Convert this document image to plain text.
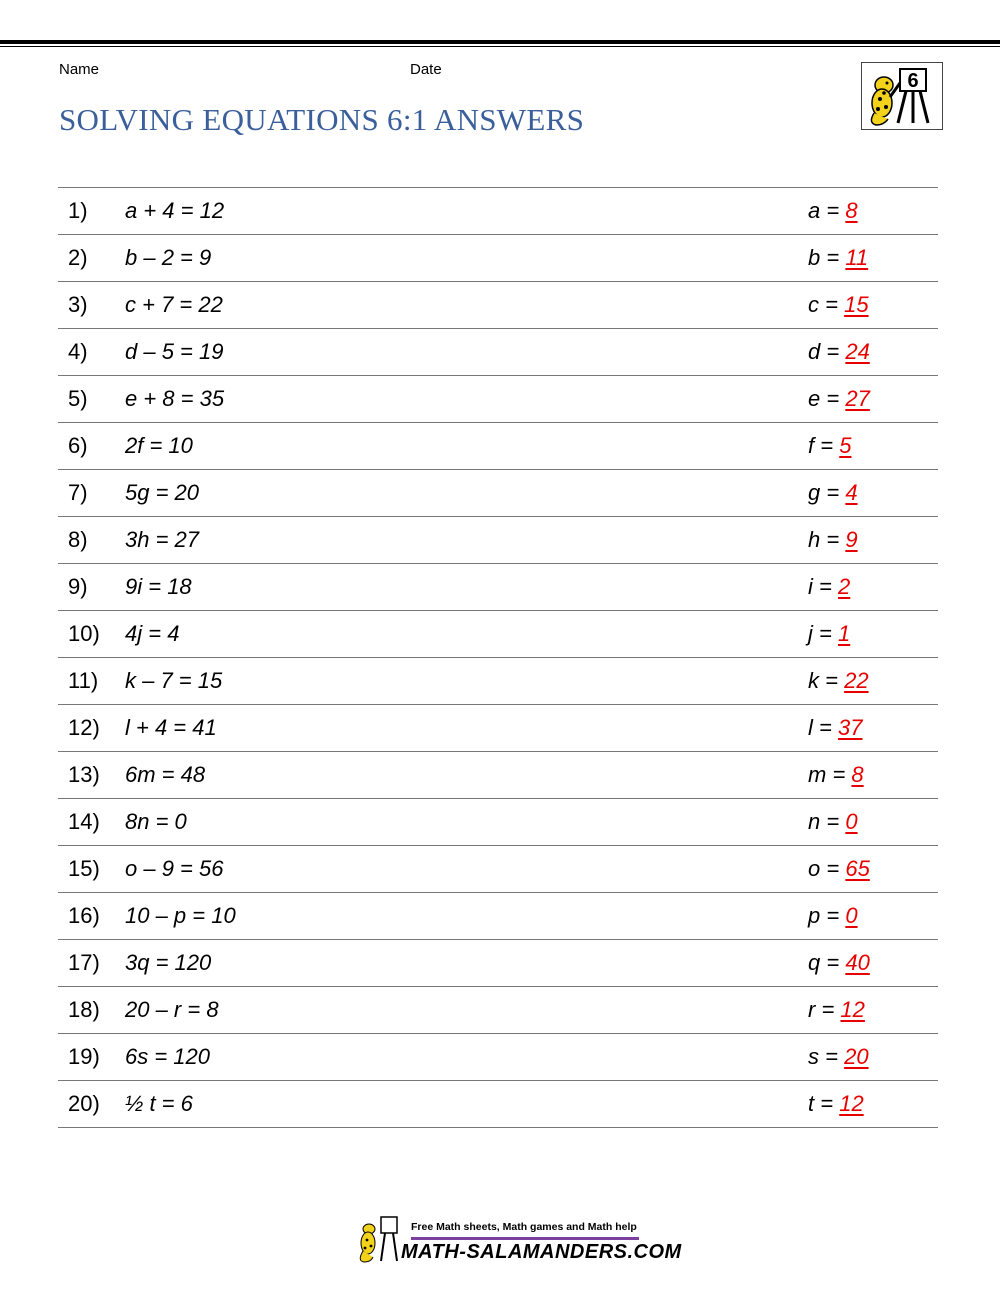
Name	Date
SOLVING EQUATIONS 6:1 ANSWERS
6
1) a + 4 = 12	a = 8
2) b – 2 = 9	b = 11
3) c + 7 = 22	c = 15
4) d – 5 = 19	d = 24
5) e + 8 = 35	e = 27
6) 2f = 10	f = 5
7) 5g = 20	g = 4
8) 3h = 27	h = 9
9) 9i = 18	i = 2
10) 4j = 4	j = 1
11) k – 7 = 15	k = 22
12) l + 4 = 41	l = 37
13) 6m = 48	m = 8
14) 8n = 0	n = 0
15) o – 9 = 56	o = 65
16) 10 – p = 10	p = 0
17) 3q = 120	q = 40
18) 20 – r = 8	r = 12
19) 6s = 120	s = 20
20) ½ t = 6	t = 12
Free Math sheets, Math games and Math help
MATH-SALAMANDERS.COM
